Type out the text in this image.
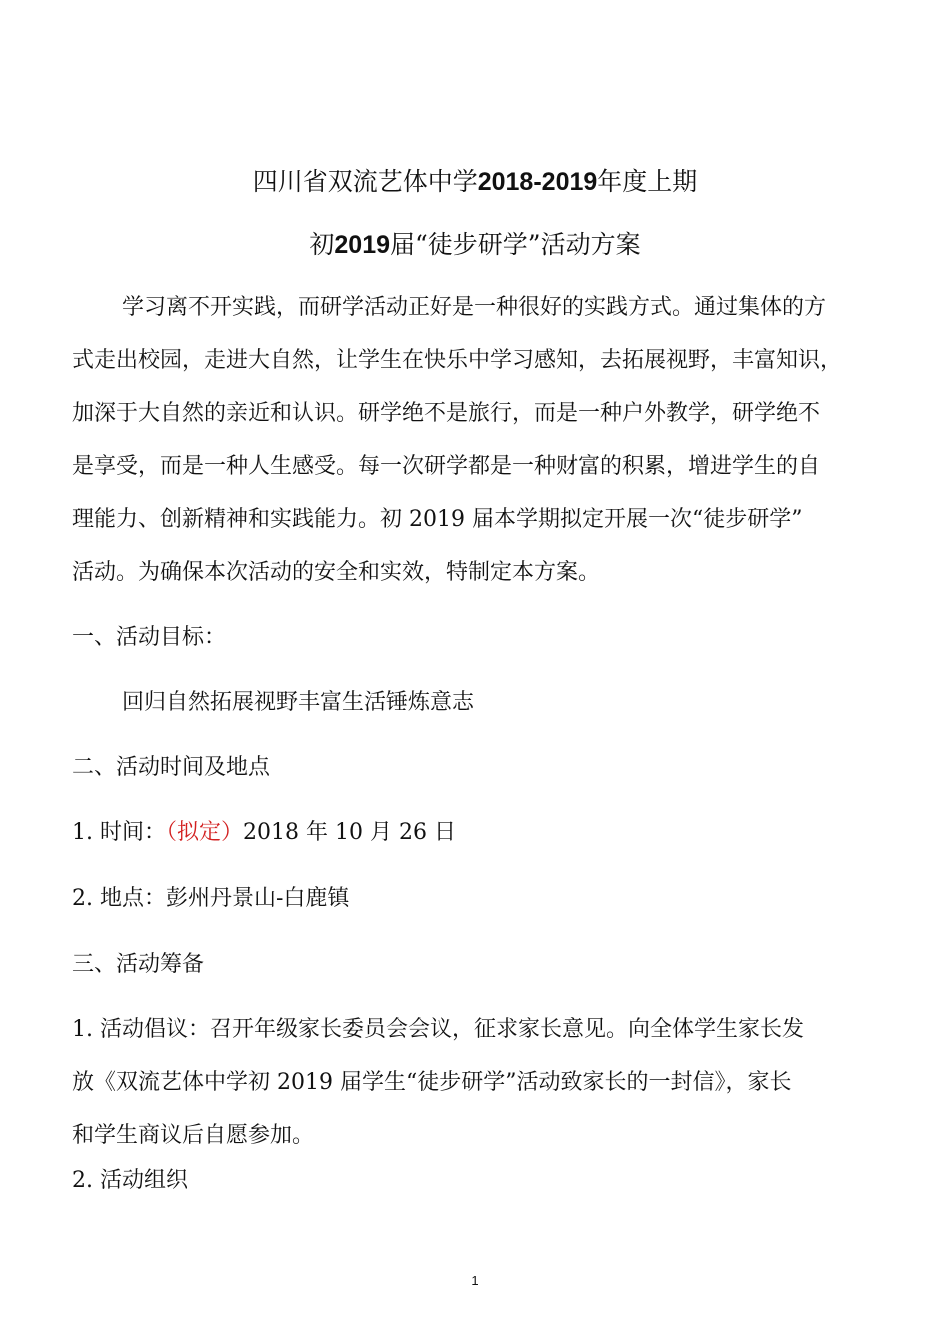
四川省双流艺体中学2018-2019年度上期
初2019届“徒步研学”活动方案
学习离不开实践，而研学活动正好是一种很好的实践方式。通过集体的方
式走出校园，走进大自然，让学生在快乐中学习感知，去拓展视野，丰富知识，
加深于大自然的亲近和认识。研学绝不是旅行，而是一种户外教学，研学绝不
是享受，而是一种人生感受。每一次研学都是一种财富的积累，增进学生的自
理能力、创新精神和实践能力。初 2019 届本学期拟定开展一次“徒步研学”
活动。为确保本次活动的安全和实效，特制定本方案。
一、活动目标：
回归自然拓展视野丰富生活锤炼意志
二、活动时间及地点
1. 时间：（拟定）2018 年 10 月 26 日
2. 地点：彭州丹景山-白鹿镇
三、活动筹备
1. 活动倡议：召开年级家长委员会会议，征求家长意见。向全体学生家长发
放《双流艺体中学初 2019 届学生“徒步研学”活动致家长的一封信》，家长
和学生商议后自愿参加。
2. 活动组织
1
